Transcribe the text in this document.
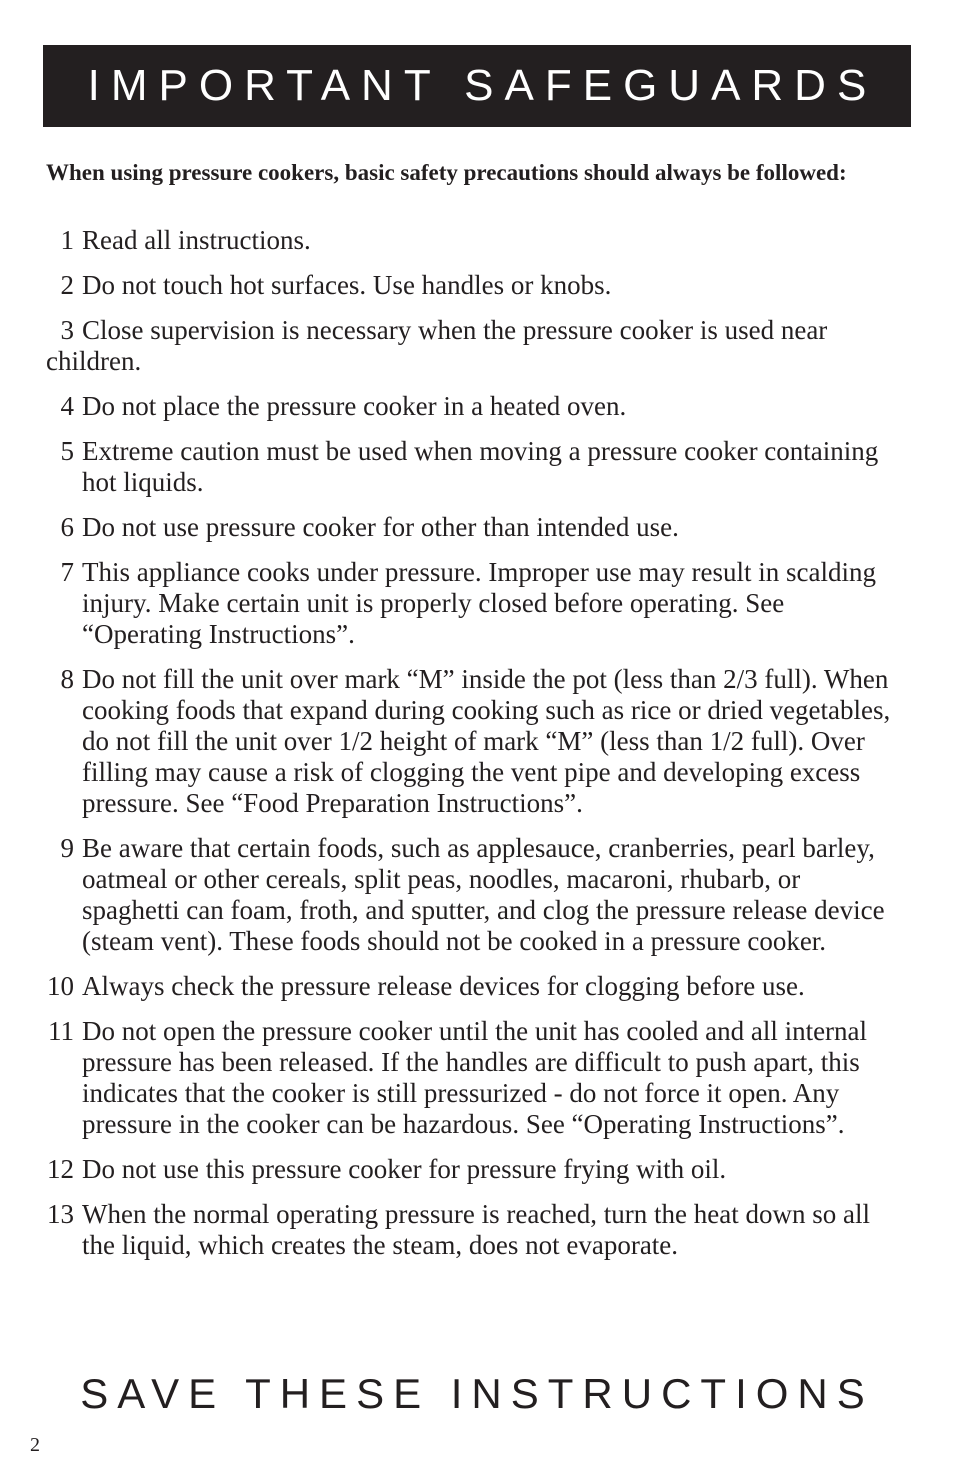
IMPORTANT SAFEGUARDS
When using pressure cookers, basic safety precautions should always be followed:
1 Read all instructions.
2 Do not touch hot surfaces. Use handles or knobs.
3 Close supervision is necessary when the pressure cooker is used near children.
4 Do not place the pressure cooker in a heated oven.
5 Extreme caution must be used when moving a pressure cooker containing hot liquids.
6 Do not use pressure cooker for other than intended use.
7 This appliance cooks under pressure. Improper use may result in scalding injury. Make certain unit is properly closed before operating. See “Operating Instructions”.
8 Do not fill the unit over mark “M” inside the pot (less than 2/3 full). When cooking foods that expand during cooking such as rice or dried vegetables, do not fill the unit over 1/2 height of mark “M” (less than 1/2 full). Over filling may cause a risk of clogging the vent pipe and developing excess pressure. See “Food Preparation Instructions”.
9 Be aware that certain foods, such as applesauce, cranberries, pearl barley, oatmeal or other cereals, split peas, noodles, macaroni, rhubarb, or spaghetti can foam, froth, and sputter, and clog the pressure release device (steam vent). These foods should not be cooked in a pressure cooker.
10 Always check the pressure release devices for clogging before use.
11 Do not open the pressure cooker until the unit has cooled and all internal pressure has been released. If the handles are difficult to push apart, this indicates that the cooker is still pressurized - do not force it open. Any pressure in the cooker can be hazardous. See “Operating Instructions”.
12 Do not use this pressure cooker for pressure frying with oil.
13 When the normal operating pressure is reached, turn the heat down so all the liquid, which creates the steam, does not evaporate.
SAVE THESE INSTRUCTIONS
2
